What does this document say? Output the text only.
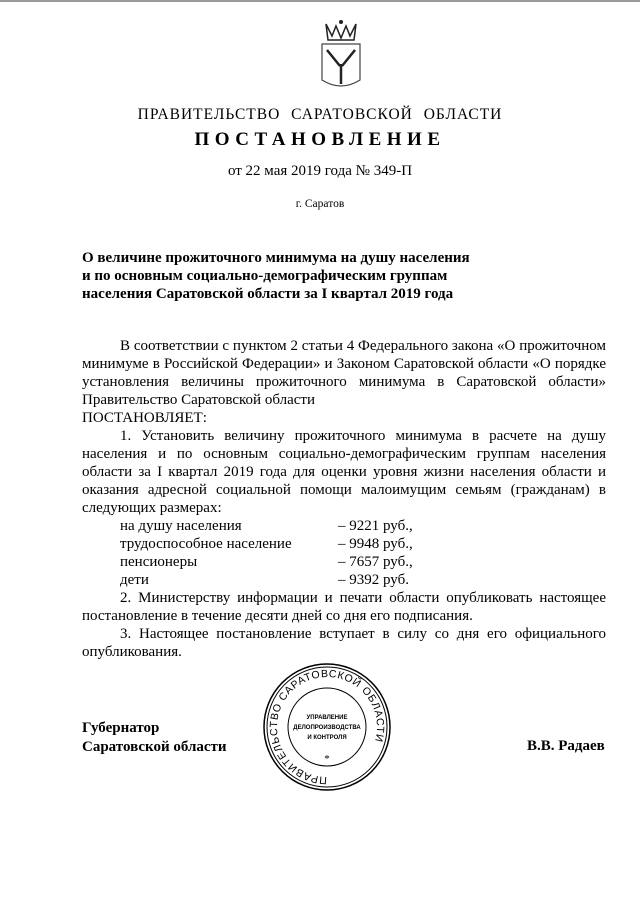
ПРАВИТЕЛЬСТВО САРАТОВСКОЙ ОБЛАСТИ
ПОСТАНОВЛЕНИЕ
от 22 мая 2019 года № 349-П
г. Саратов
О величине прожиточного минимума на душу населения
и по основным социально-демографическим группам
населения Саратовской области за I квартал 2019 года

В соответствии с пунктом 2 статьи 4 Федерального закона «О прожиточном минимуме в Российской Федерации» и Законом Саратовской области «О порядке установления величины прожиточного минимума в Саратовской области» Правительство Саратовской области

ПОСТАНОВЛЯЕТ:

1. Установить величину прожиточного минимума в расчете на душу населения и по основным социально-демографическим группам населения области за I квартал 2019 года для оценки уровня жизни населения области и оказания адресной социальной помощи малоимущим семьям (гражданам) в следующих размерах:

на душу населения	– 9221 руб.,
трудоспособное население	– 9948 руб.,
пенсионеры	– 7657 руб.,
дети	– 9392 руб.

2. Министерству информации и печати области опубликовать настоящее постановление в течение десяти дней со дня его подписания.

3. Настоящее постановление вступает в силу со дня его официального опубликования.

Губернатор
Саратовской области	В.В. Радаев
ПРАВИТЕЛЬСТВО САРАТОВСКОЙ ОБЛАСТИ
УПРАВЛЕНИЕ
ДЕЛОПРОИЗВОДСТВА
И КОНТРОЛЯ
*
